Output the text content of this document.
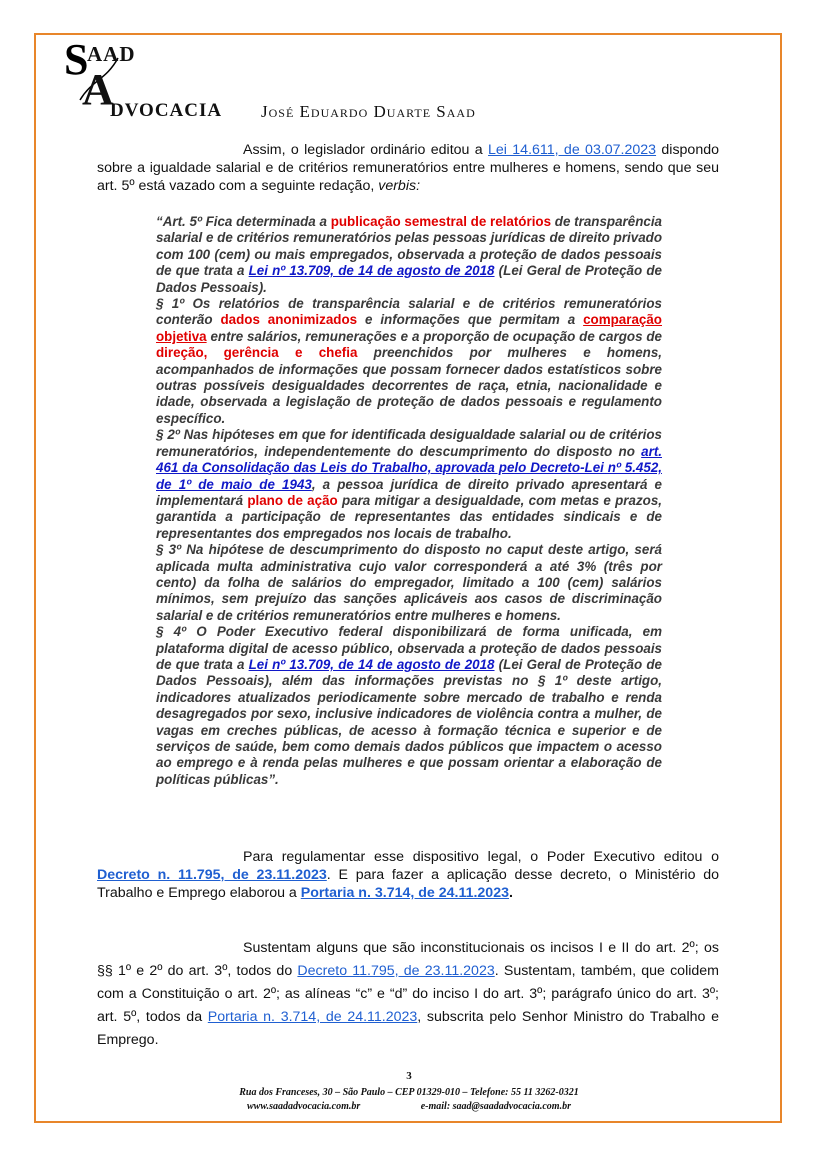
S
AAD
A
DVOCACIA José Eduardo Duarte Saad

Assim, o legislador ordinário editou a Lei 14.611, de 03.07.2023 dispondo sobre a igualdade salarial e de critérios remuneratórios entre mulheres e homens, sendo que seu art. 5º está vazado com a seguinte redação, verbis:

“Art. 5º Fica determinada a publicação semestral de relatórios de transparência salarial e de critérios remuneratórios pelas pessoas jurídicas de direito privado com 100 (cem) ou mais empregados, observada a proteção de dados pessoais de que trata a Lei nº 13.709, de 14 de agosto de 2018 (Lei Geral de Proteção de Dados Pessoais).

§ 1º Os relatórios de transparência salarial e de critérios remuneratórios conterão dados anonimizados e informações que permitam a comparação objetiva entre salários, remunerações e a proporção de ocupação de cargos de direção, gerência e chefia preenchidos por mulheres e homens, acompanhados de informações que possam fornecer dados estatísticos sobre outras possíveis desigualdades decorrentes de raça, etnia, nacionalidade e idade, observada a legislação de proteção de dados pessoais e regulamento específico.

§ 2º Nas hipóteses em que for identificada desigualdade salarial ou de critérios remuneratórios, independentemente do descumprimento do disposto no art. 461 da Consolidação das Leis do Trabalho, aprovada pelo Decreto-Lei nº 5.452, de 1º de maio de 1943, a pessoa jurídica de direito privado apresentará e implementará plano de ação para mitigar a desigualdade, com metas e prazos, garantida a participação de representantes das entidades sindicais e de representantes dos empregados nos locais de trabalho.

§ 3º Na hipótese de descumprimento do disposto no caput deste artigo, será aplicada multa administrativa cujo valor corresponderá a até 3% (três por cento) da folha de salários do empregador, limitado a 100 (cem) salários mínimos, sem prejuízo das sanções aplicáveis aos casos de discriminação salarial e de critérios remuneratórios entre mulheres e homens.

§ 4º O Poder Executivo federal disponibilizará de forma unificada, em plataforma digital de acesso público, observada a proteção de dados pessoais de que trata a Lei nº 13.709, de 14 de agosto de 2018 (Lei Geral de Proteção de Dados Pessoais), além das informações previstas no § 1º deste artigo, indicadores atualizados periodicamente sobre mercado de trabalho e renda desagregados por sexo, inclusive indicadores de violência contra a mulher, de vagas em creches públicas, de acesso à formação técnica e superior e de serviços de saúde, bem como demais dados públicos que impactem o acesso ao emprego e à renda pelas mulheres e que possam orientar a elaboração de políticas públicas”.

Para regulamentar esse dispositivo legal, o Poder Executivo editou o Decreto n. 11.795, de 23.11.2023. E para fazer a aplicação desse decreto, o Ministério do Trabalho e Emprego elaborou a Portaria n. 3.714, de 24.11.2023.

Sustentam alguns que são inconstitucionais os incisos I e II do art. 2º; os §§ 1º e 2º do art. 3º, todos do Decreto 11.795, de 23.11.2023. Sustentam, também, que colidem com a Constituição o art. 2º; as alíneas “c” e “d” do inciso I do art. 3º; parágrafo único do art. 3º; art. 5º, todos da Portaria n. 3.714, de 24.11.2023, subscrita pelo Senhor Ministro do Trabalho e Emprego.

3
Rua dos Franceses, 30 – São Paulo – CEP 01329-010 – Telefone: 55 11 3262-0321
www.saadadvocacia.com.br	e-mail: saad@saadadvocacia.com.br
